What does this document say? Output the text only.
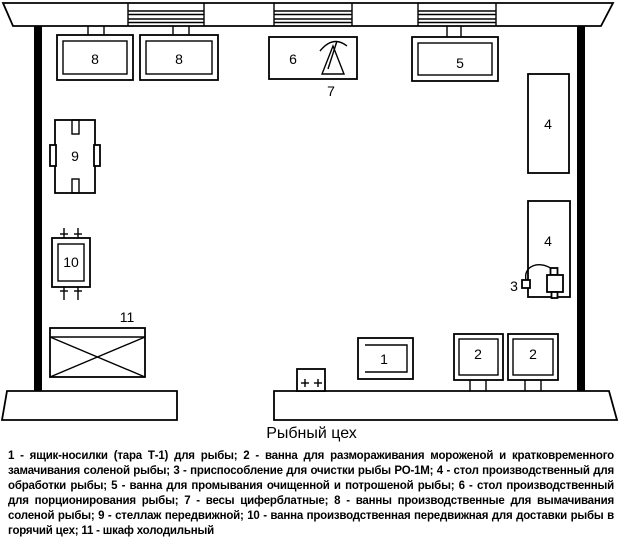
8	8	6
7
5
4
4
3
2	2
1
9
10
11
Рыбный цех
1 - ящик-носилки (тара Т-1) для рыбы; 2 - ванна для размораживания мороженой и кратковременного замачивания соленой рыбы; 3 - приспособление для очистки рыбы РО-1М; 4 - стол производственный для обработки рыбы; 5 - ванна для промывания очищенной и потрошеной рыбы; 6 - стол производственный для порционирования рыбы; 7 - весы циферблатные; 8 - ванны производственные для вымачивания соленой рыбы; 9 - стеллаж передвижной; 10 - ванна производственная передвижная для доставки рыбы в горячий цех; 11 - шкаф холодильный
